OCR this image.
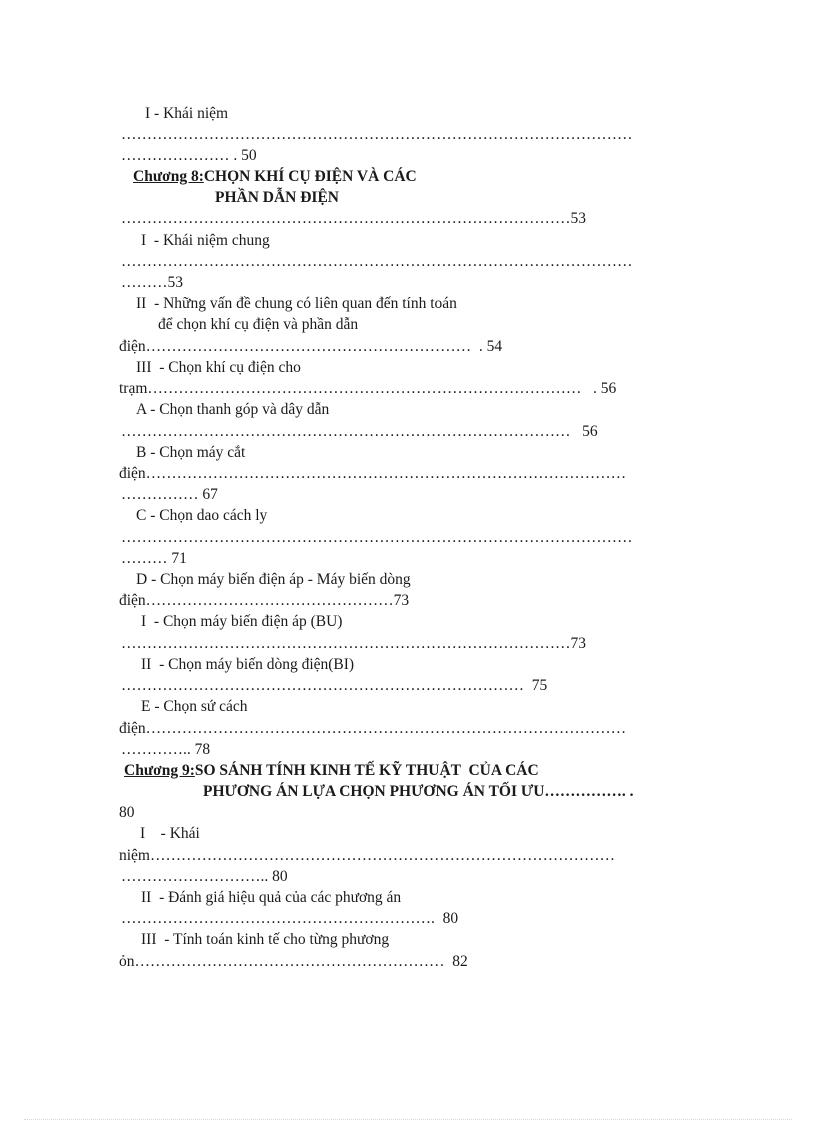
I - Khái niệm
………………………………………………………………………………………
………………… . 50
Chương 8:CHỌN KHÍ CỤ ĐIỆN VÀ CÁC
PHẦN DẪN ĐIỆN
……………………………………………………………………………53
I  - Khái niệm chung
………………………………………………………………………………………
………53
II  - Những vấn đề chung có liên quan đến tính toán
để chọn khí cụ điện và phần dẫn
điện………………………………………………………  . 54
III  - Chọn khí cụ điện cho
trạm…………………………………………………………………………   . 56
A - Chọn thanh góp và dây dẫn
……………………………………………………………………………   56
B - Chọn máy cắt
điện…………………………………………………………………………………
…………… 67
C - Chọn dao cách ly
………………………………………………………………………………………
……… 71
D - Chọn máy biến điện áp - Máy biến dòng
điện…………………………………………73
I  - Chọn máy biến điện áp (BU)
……………………………………………………………………………73
II  - Chọn máy biến dòng điện(BI)
……………………………………………………………………  75
E - Chọn sứ cách
điện…………………………………………………………………………………
………….. 78
Chương 9:SO SÁNH TÍNH KINH TẾ KỸ THUẬT  CỦA CÁC
PHƯƠNG ÁN LỰA CHỌN PHƯƠNG ÁN TỐI ƯU……………. .
80
I    - Khái
niệm………………………………………………………………………………
……………………….. 80
II  - Đánh giá hiệu quả của các phương án
…………………………………………………….  80
III  - Tính toán kinh tế cho từng phương
ỏn……………………………………………………  82
